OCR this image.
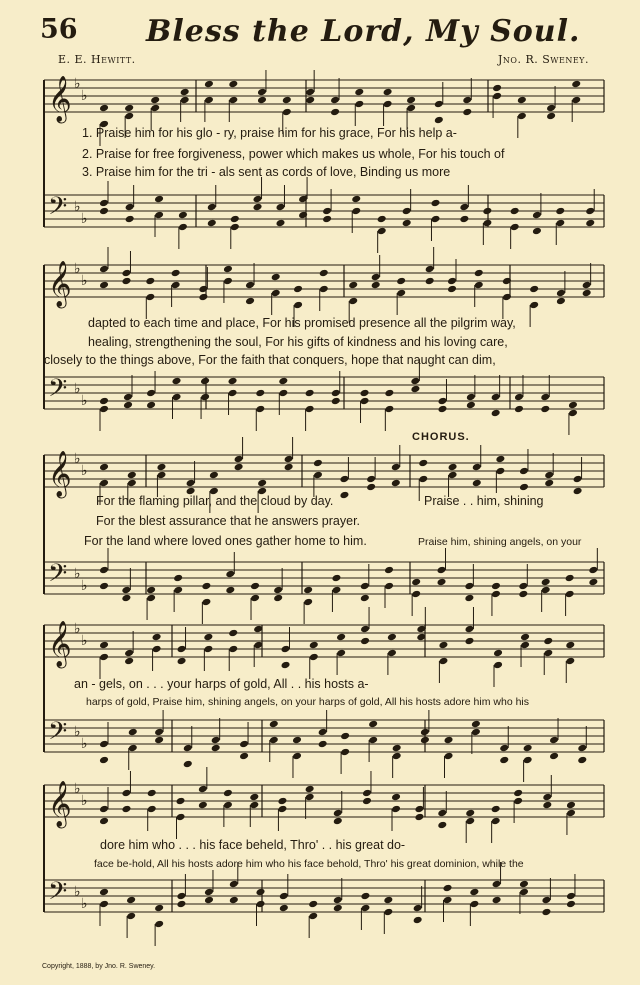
56 Bless the Lord, My Soul.
E. E. Hewitt.	Jno. R. Sweney.
𝄞
𝄢
♭
♭
♭
♭
𝄞
𝄢
♭
♭
♭
♭
𝄞
𝄢
♭
♭
♭
♭
𝄞
𝄢
♭
♭
♭
♭
𝄞
𝄢
♭
♭
♭
♭
1. Praise him for his glo - ry, praise him for his grace, For his help a-
2. Praise for free forgiveness, power which makes us whole, For his touch of
3. Praise him for the tri - als sent as cords of love, Binding us more
dapted to each time and place, For his promised presence all the pilgrim way,
healing, strengthening the soul, For his gifts of kindness and his loving care,
closely to the things above, For the faith that conquers, hope that naught can dim,
CHORUS.
For the flaming pillar, and the cloud by day.	Praise . . him, shining
For the blest assurance that he answers prayer.
For the land where loved ones gather home to him.	Praise him, shining angels, on your
an - gels, on . . . your harps of gold, All . . his hosts a-
harps of gold, Praise him, shining angels, on your harps of gold, All his hosts adore him who his
dore him who . . . his face beheld, Thro' . . his great do-
face be-hold, All his hosts adore him who his face behold, Thro' his great dominion, while the
Copyright, 1888, by Jno. R. Sweney.
